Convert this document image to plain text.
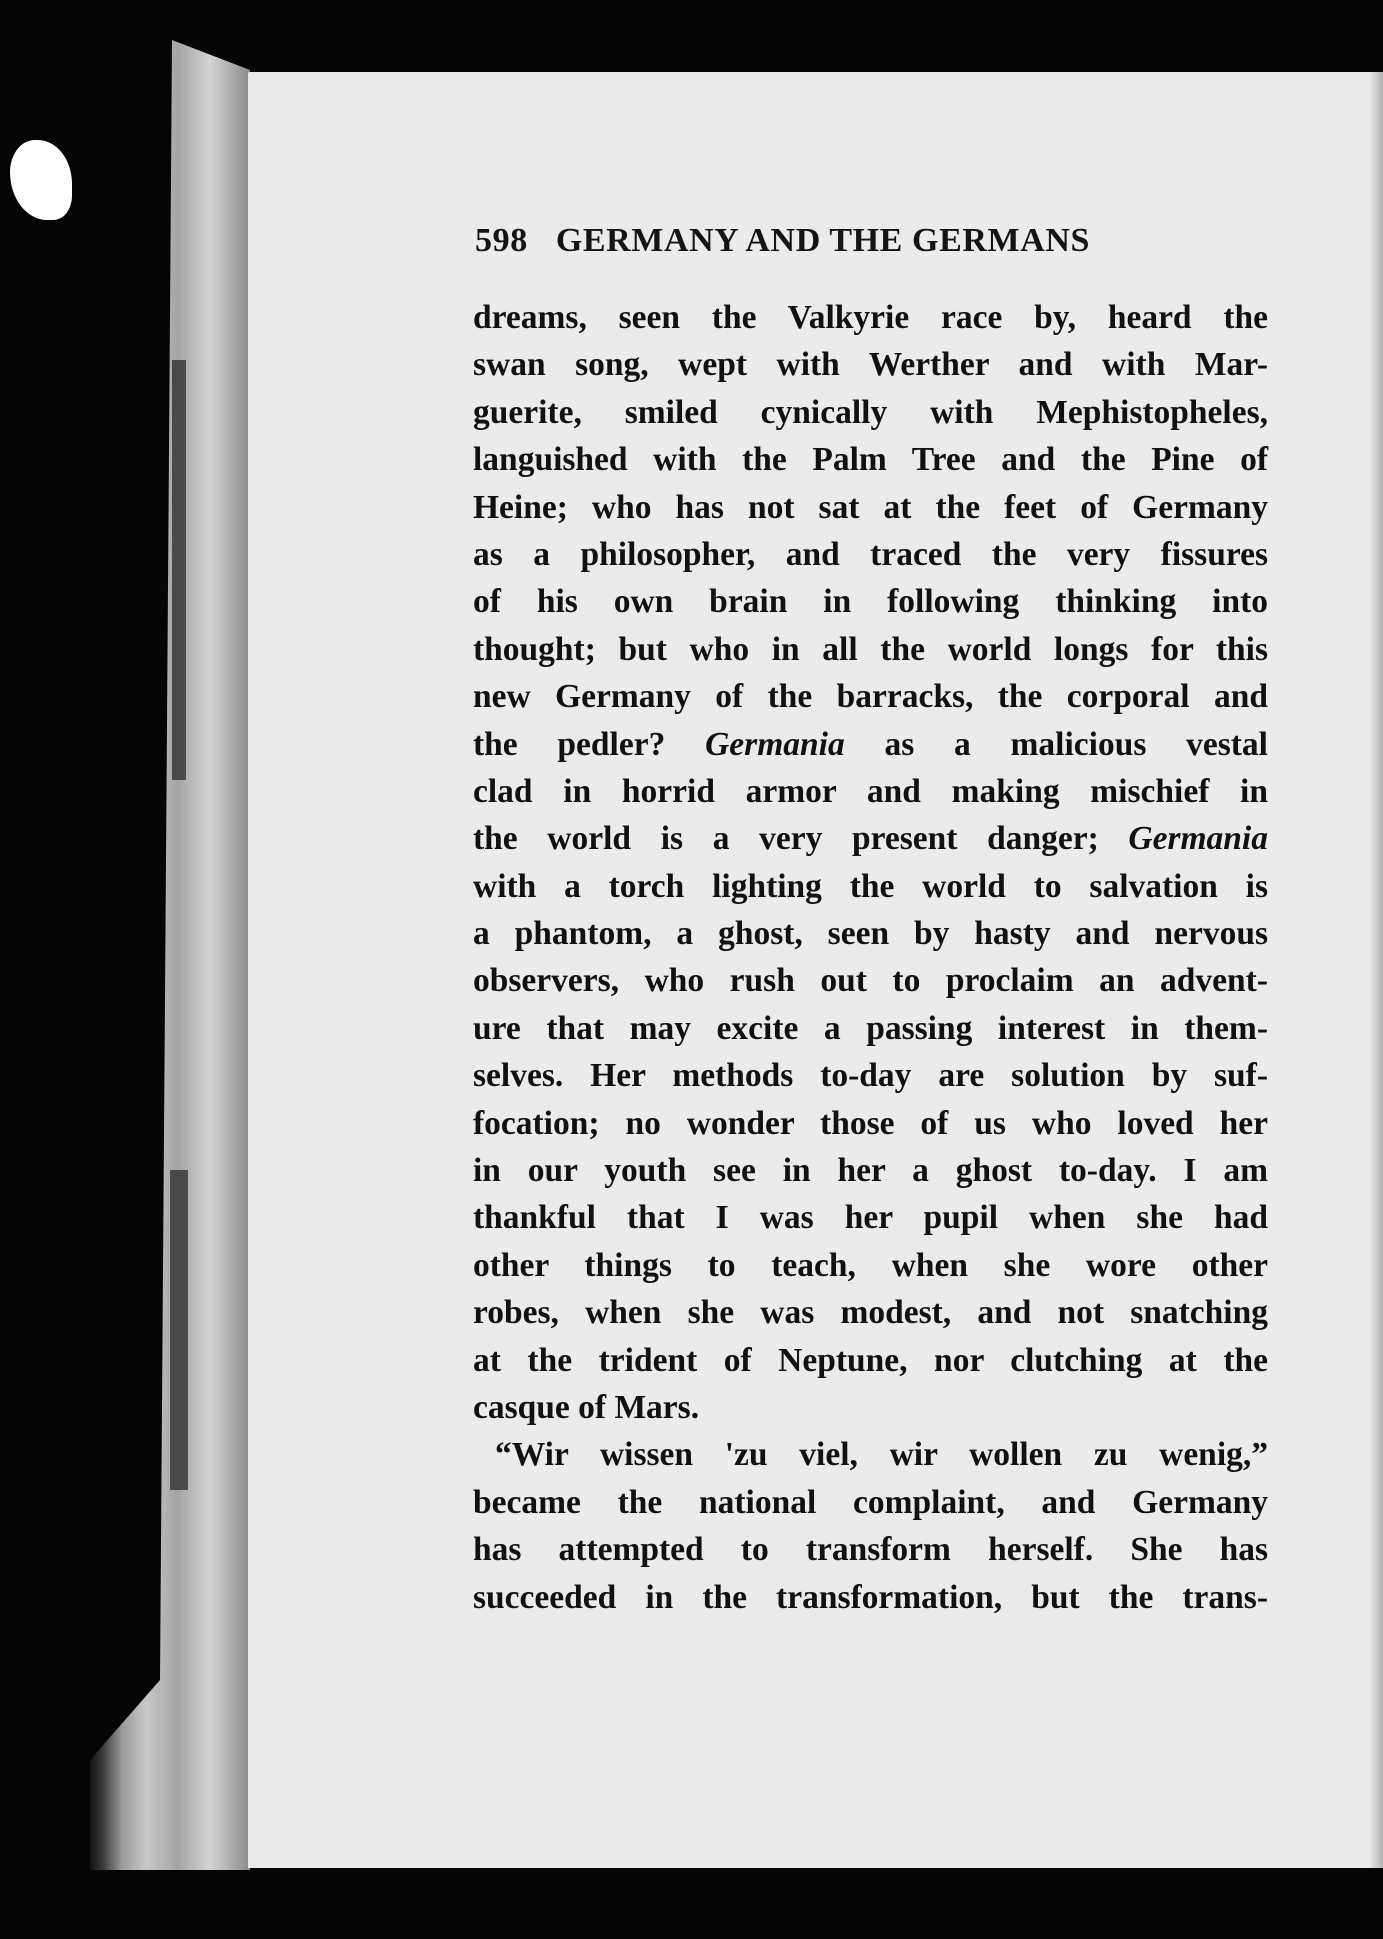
598 GERMANY AND THE GERMANS
dreams, seen the Valkyrie race by, heard the
swan song, wept with Werther and with Mar-
guerite, smiled cynically with Mephistopheles,
languished with the Palm Tree and the Pine of
Heine; who has not sat at the feet of Germany
as a philosopher, and traced the very fissures
of his own brain in following thinking into
thought; but who in all the world longs for this
new Germany of the barracks, the corporal and
the pedler? Germania as a malicious vestal
clad in horrid armor and making mischief in
the world is a very present danger; Germania
with a torch lighting the world to salvation is
a phantom, a ghost, seen by hasty and nervous
observers, who rush out to proclaim an advent-
ure that may excite a passing interest in them-
selves. Her methods to-day are solution by suf-
focation; no wonder those of us who loved her
in our youth see in her a ghost to-day. I am
thankful that I was her pupil when she had
other things to teach, when she wore other
robes, when she was modest, and not snatching
at the trident of Neptune, nor clutching at the
casque of Mars.
“Wir wissen 'zu viel, wir wollen zu wenig,”
became the national complaint, and Germany
has attempted to transform herself. She has
succeeded in the transformation, but the trans-
